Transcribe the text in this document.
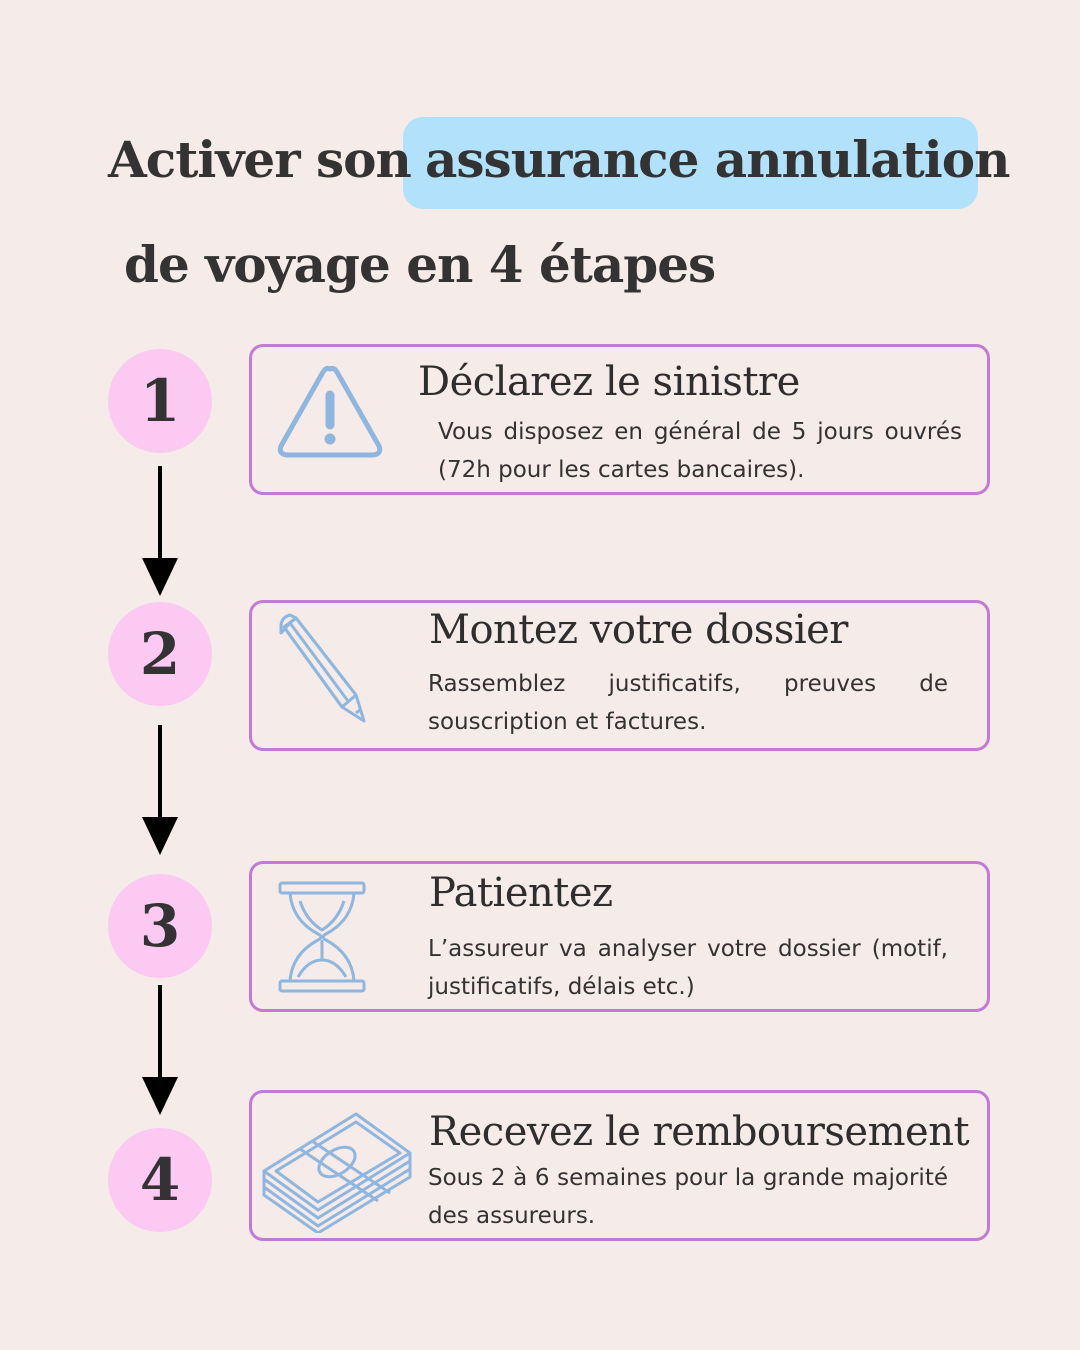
Activer son assurance annulation
de voyage en 4 étapes
1
2
3
4
Déclarez le sinistre
Vous disposez en général de 5 jours ouvrés (72h pour les cartes bancaires).
Montez votre dossier
Rassemblez justificatifs, preuves de souscription et factures.
Patientez
L’assureur va analyser votre dossier (motif, justificatifs, délais etc.)
Recevez le remboursement
Sous 2 à 6 semaines pour la grande majorité des assureurs.
